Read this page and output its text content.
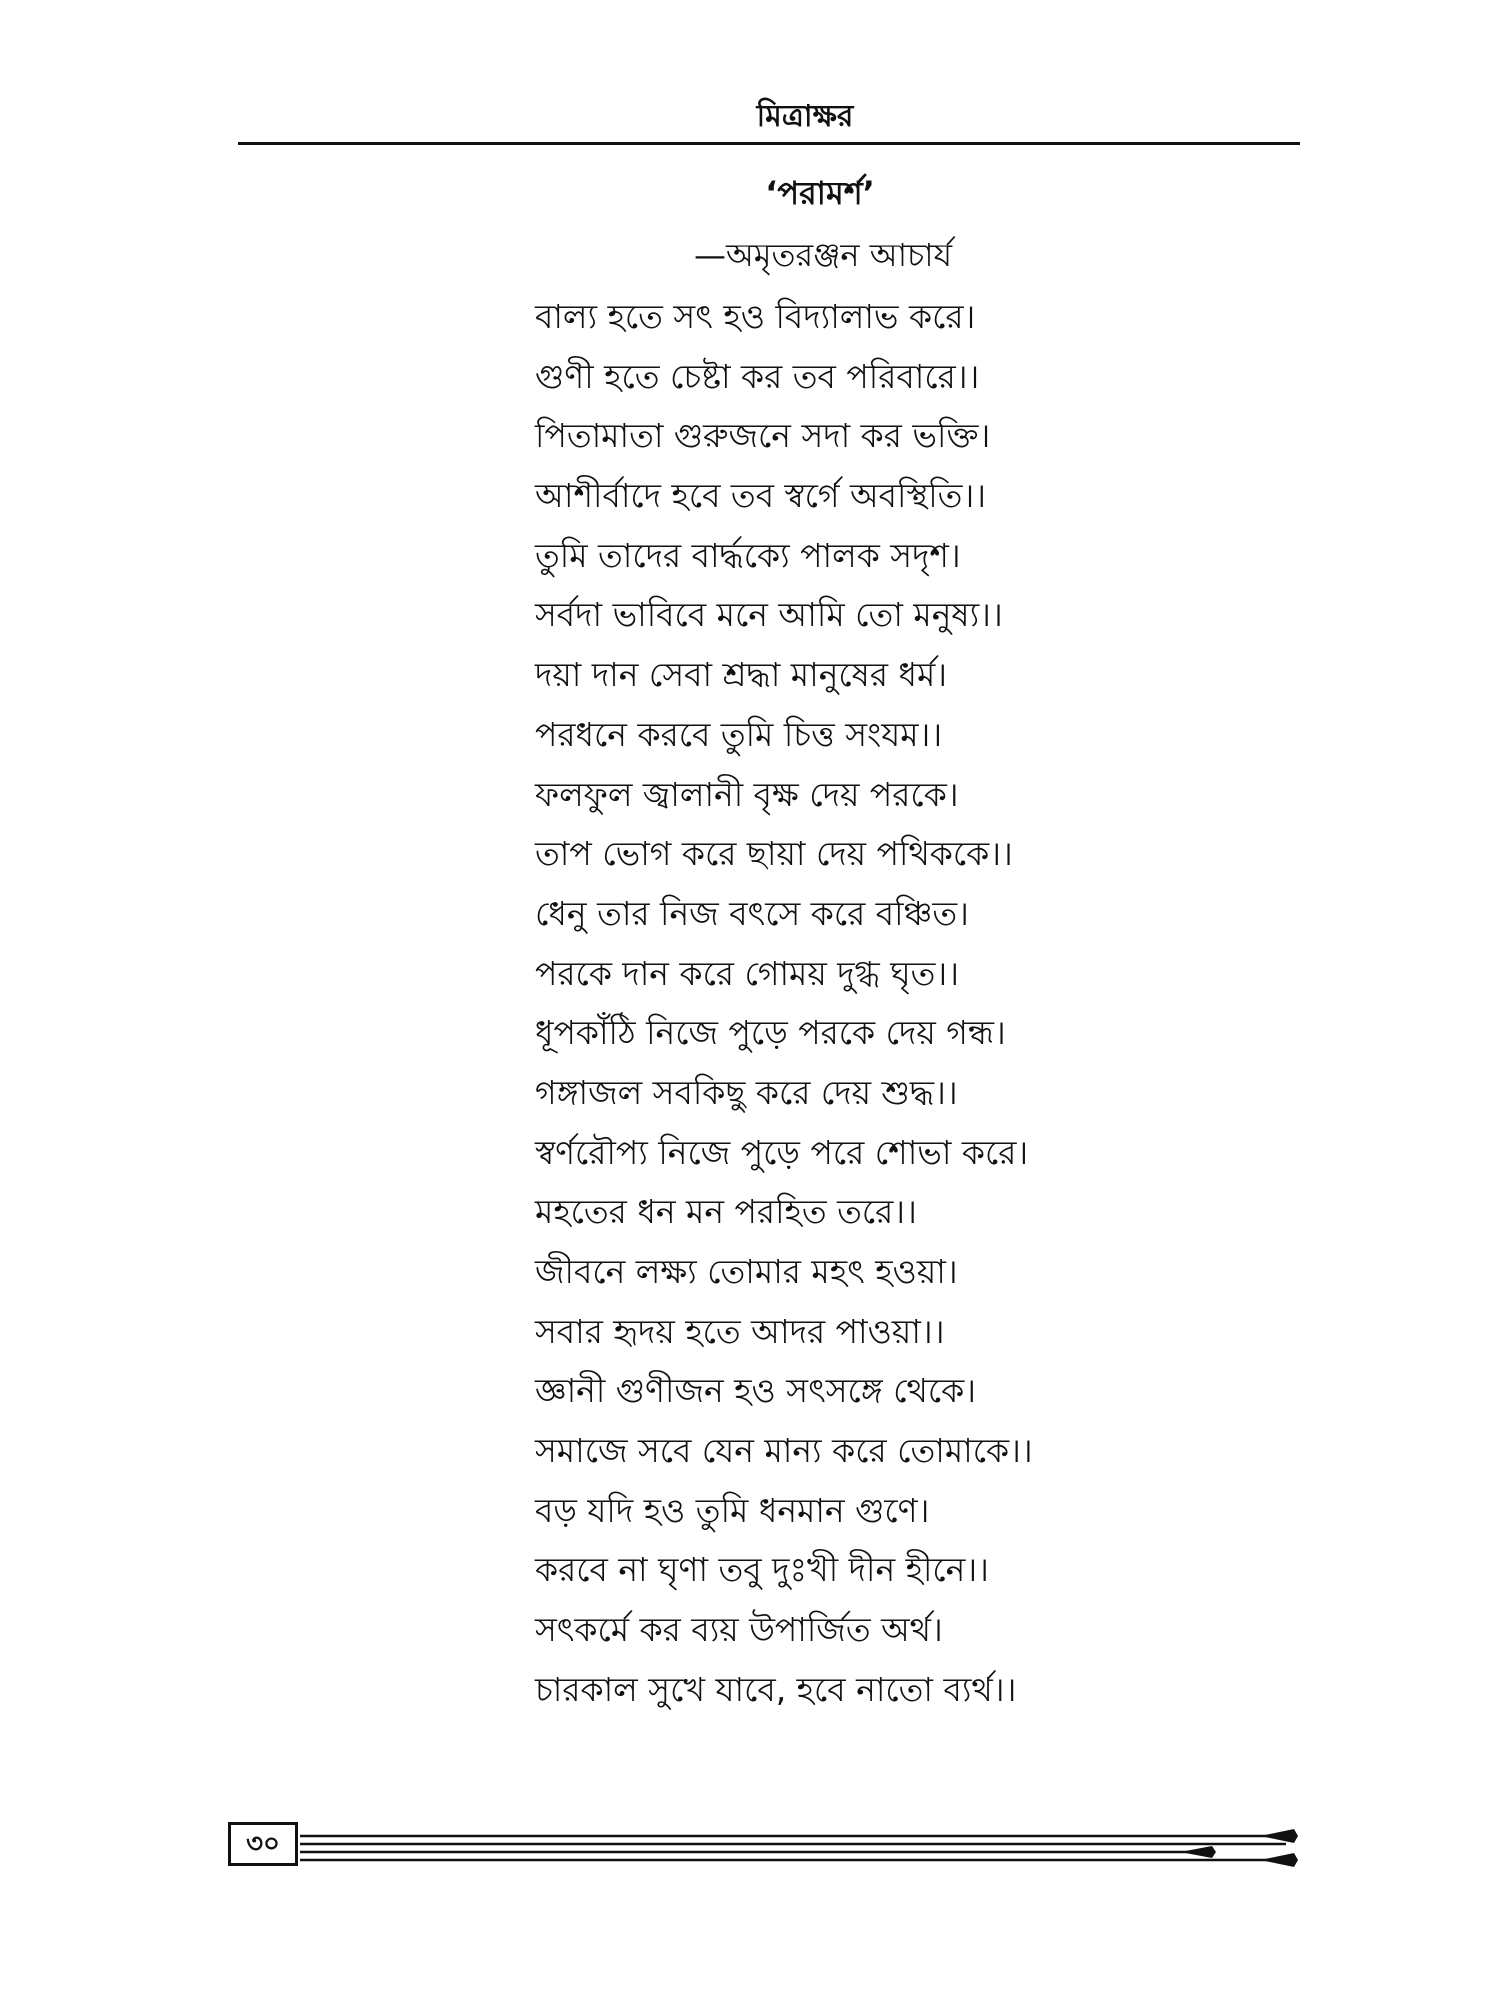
মিত্রাক্ষর
‘পরামর্শ’
—অমৃতরঞ্জন আচার্য
বাল্য হতে সৎ হও বিদ্যালাভ করে।
গুণী হতে চেষ্টা কর তব পরিবারে।।
পিতামাতা গুরুজনে সদা কর ভক্তি।
আশীর্বাদে হবে তব স্বর্গে অবস্থিতি।।
তুমি তাদের বার্দ্ধক্যে পালক সদৃশ।
সর্বদা ভাবিবে মনে আমি তো মনুষ্য।।
দয়া দান সেবা শ্রদ্ধা মানুষের ধর্ম।
পরধনে করবে তুমি চিত্ত সংযম।।
ফলফুল জ্বালানী বৃক্ষ দেয় পরকে।
তাপ ভোগ করে ছায়া দেয় পথিককে।।
ধেনু তার নিজ বৎসে করে বঞ্চিত।
পরকে দান করে গোময় দুগ্ধ ঘৃত।।
ধূপকাঁঠি নিজে পুড়ে পরকে দেয় গন্ধ।
গঙ্গাজল সবকিছু করে দেয় শুদ্ধ।।
স্বর্ণরৌপ্য নিজে পুড়ে পরে শোভা করে।
মহতের ধন মন পরহিত তরে।।
জীবনে লক্ষ্য তোমার মহৎ হওয়া।
সবার হৃদয় হতে আদর পাওয়া।।
জ্ঞানী গুণীজন হও সৎসঙ্গে থেকে।
সমাজে সবে যেন মান্য করে তোমাকে।।
বড় যদি হও তুমি ধনমান গুণে।
করবে না ঘৃণা তবু দুঃখী দীন হীনে।।
সৎকর্মে কর ব্যয় উপার্জিত অর্থ।
চারকাল সুখে যাবে, হবে নাতো ব্যর্থ।।
৩০
